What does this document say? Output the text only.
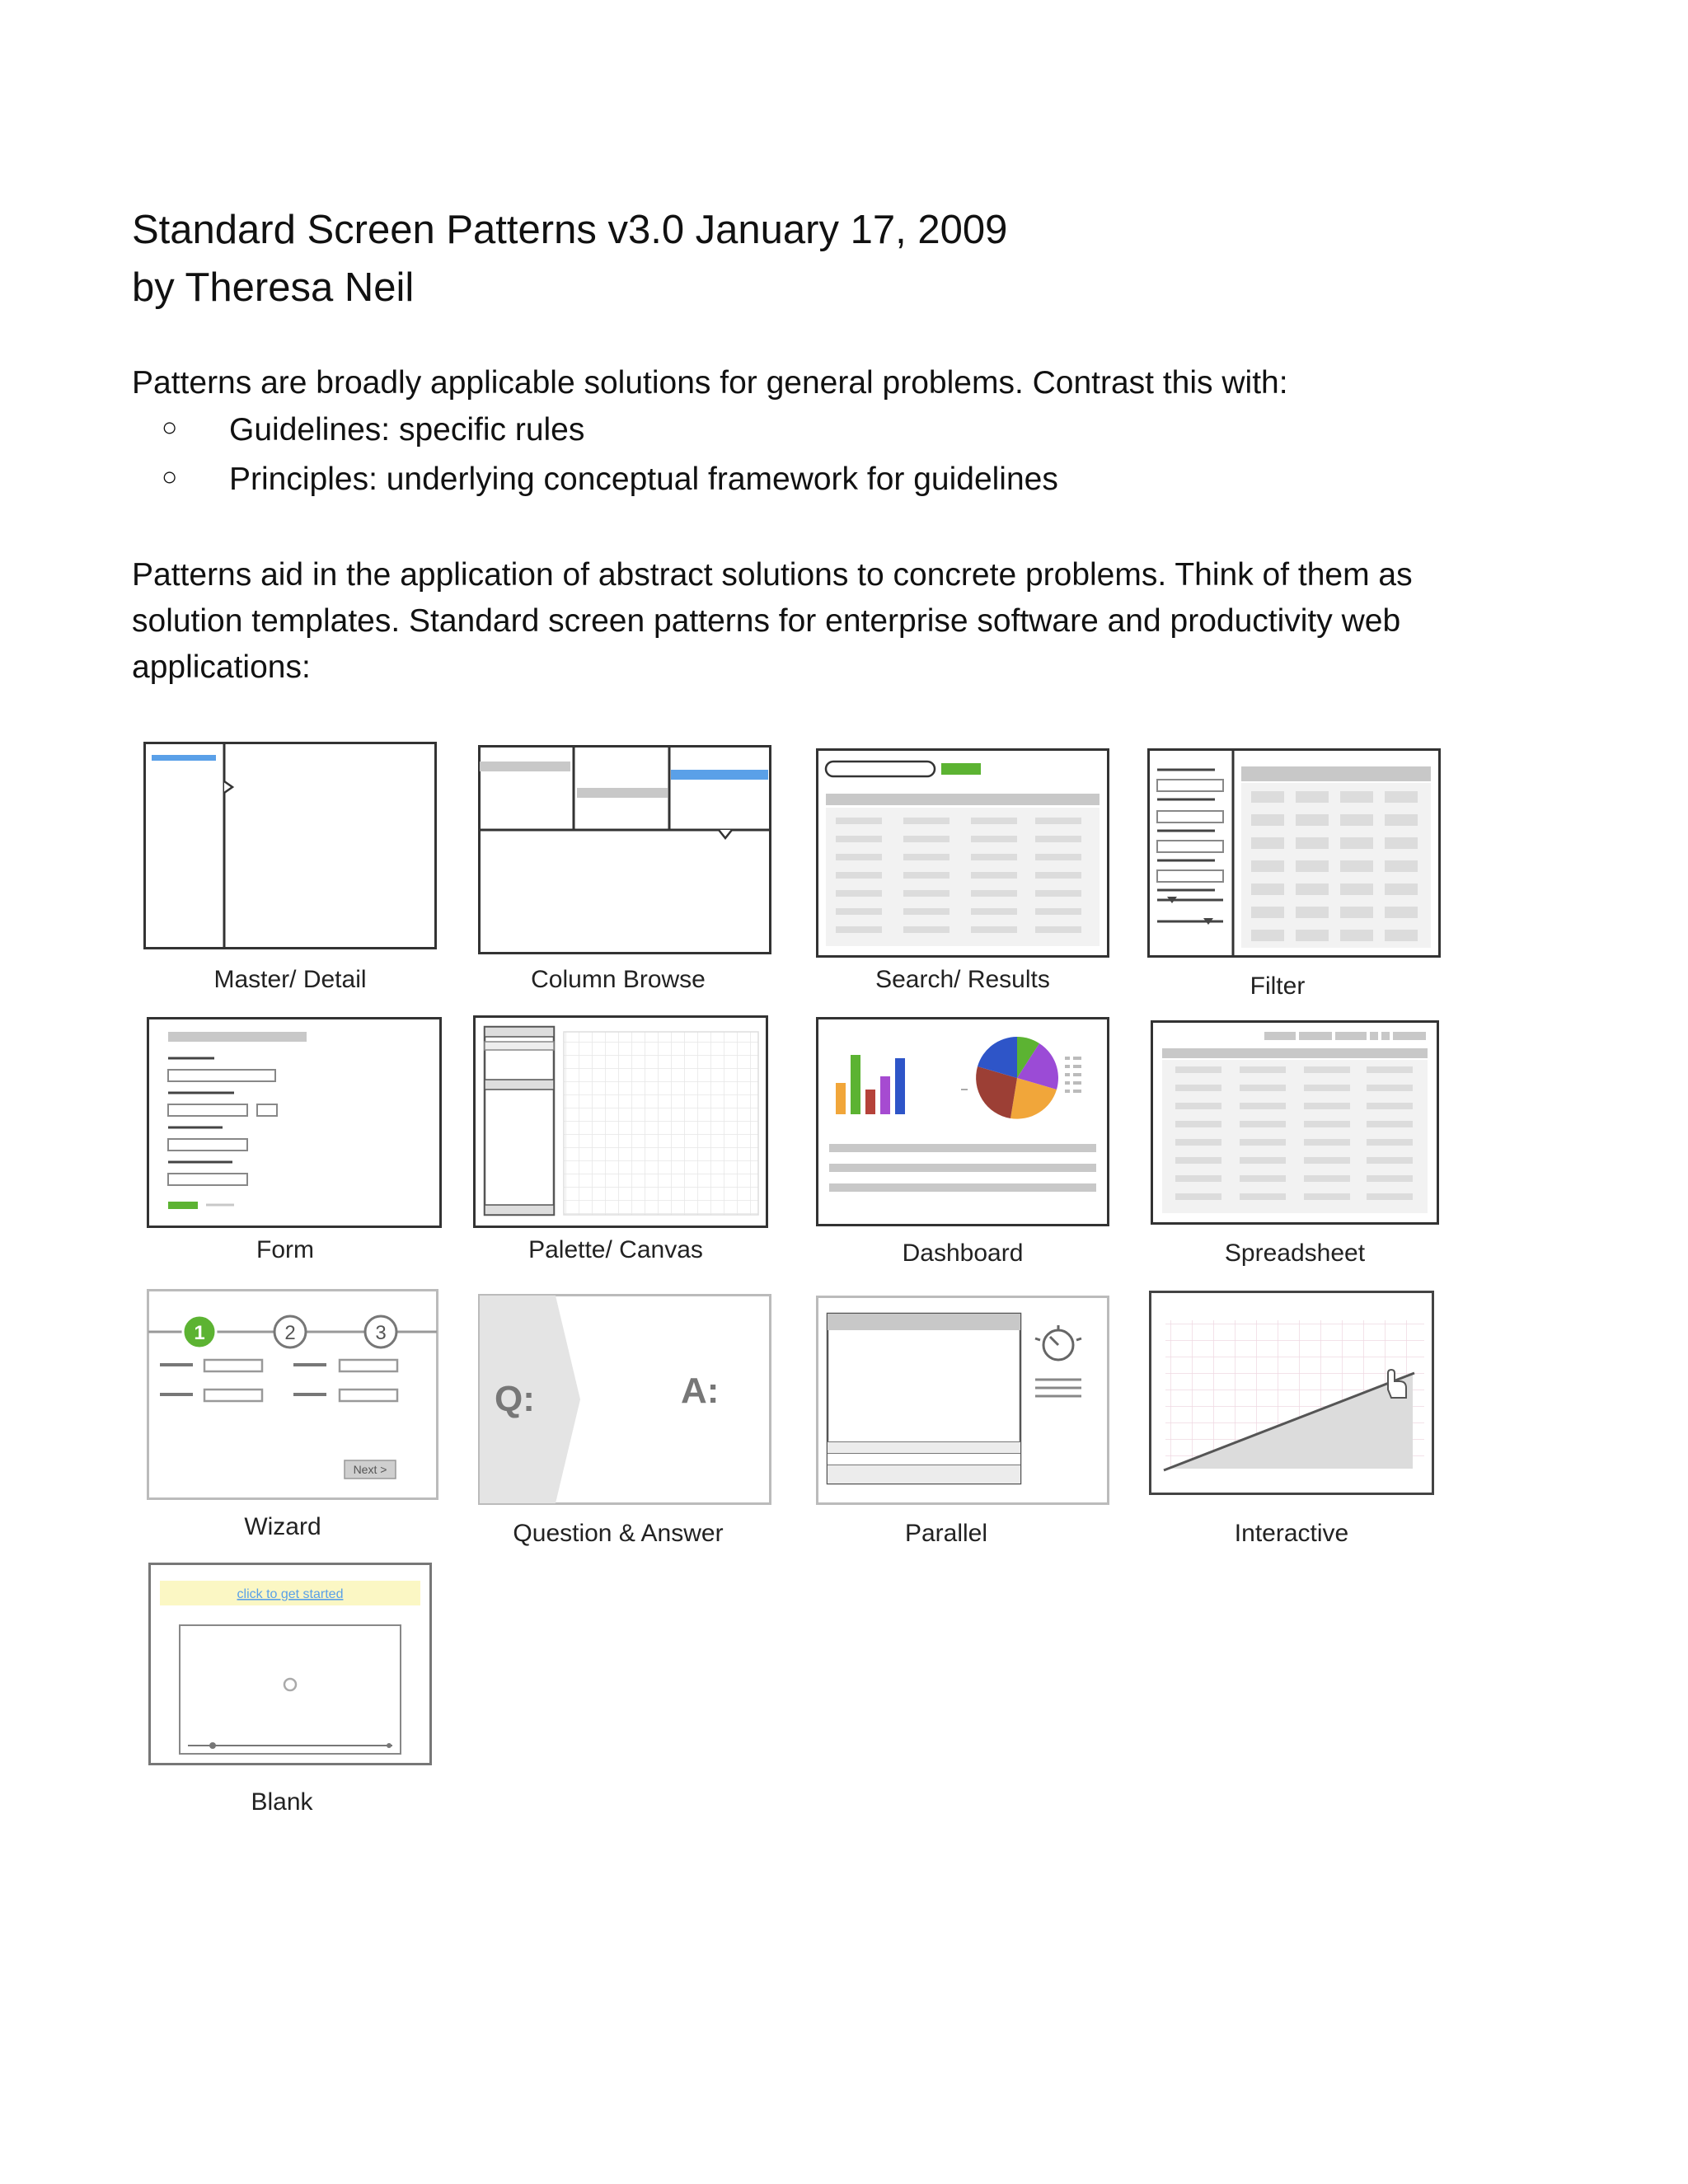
Standard Screen Patterns v3.0 January 17, 2009
by Theresa Neil
Patterns are broadly applicable solutions for general problems. Contrast this with:
○ Guidelines: specific rules
○ Principles: underlying conceptual framework for guidelines
Patterns aid in the application of abstract solutions to concrete problems. Think of them as
solution templates. Standard screen patterns for enterprise software and productivity web
applications:
Master/ Detail	Column Browse	Search/ Results	Filter
Form	Palette/ Canvas	Dashboard	Spreadsheet
1	2	3
Next >
Wizard
Q:	A:
Question & Answer	Parallel	Interactive
click to get started
Blank
